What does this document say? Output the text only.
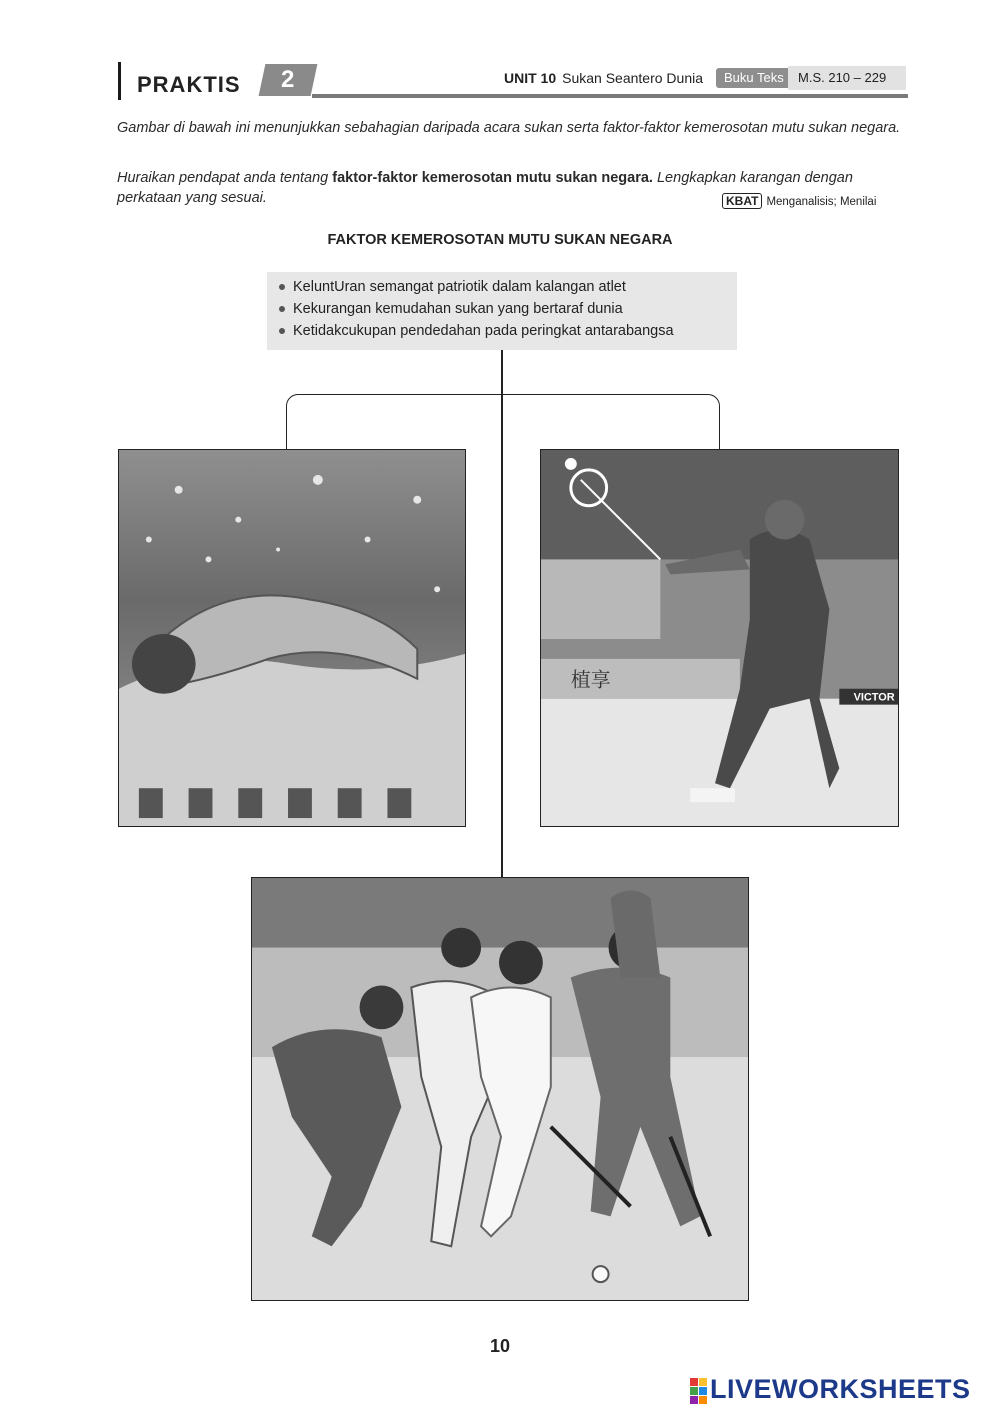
PRAKTIS	2	UNIT 10 Sukan Seantero Dunia	Buku Teks	M.S. 210 – 229

Gambar di bawah ini menunjukkan sebahagian daripada acara sukan serta faktor-faktor kemerosotan mutu sukan negara.

Huraikan pendapat anda tentang faktor-faktor kemerosotan mutu sukan negara. Lengkapkan karangan dengan perkataan yang sesuai.	KBAT Menganalisis; Menilai
FAKTOR KEMEROSOTAN MUTU SUKAN NEGARA
KeluntUran semangat patriotik dalam kalangan atlet
Kekurangan kemudahan sukan yang bertaraf dunia
Ketidakcukupan pendedahan pada peringkat antarabangsa
VICTOR
植享
10
LIVEWORKSHEETS
